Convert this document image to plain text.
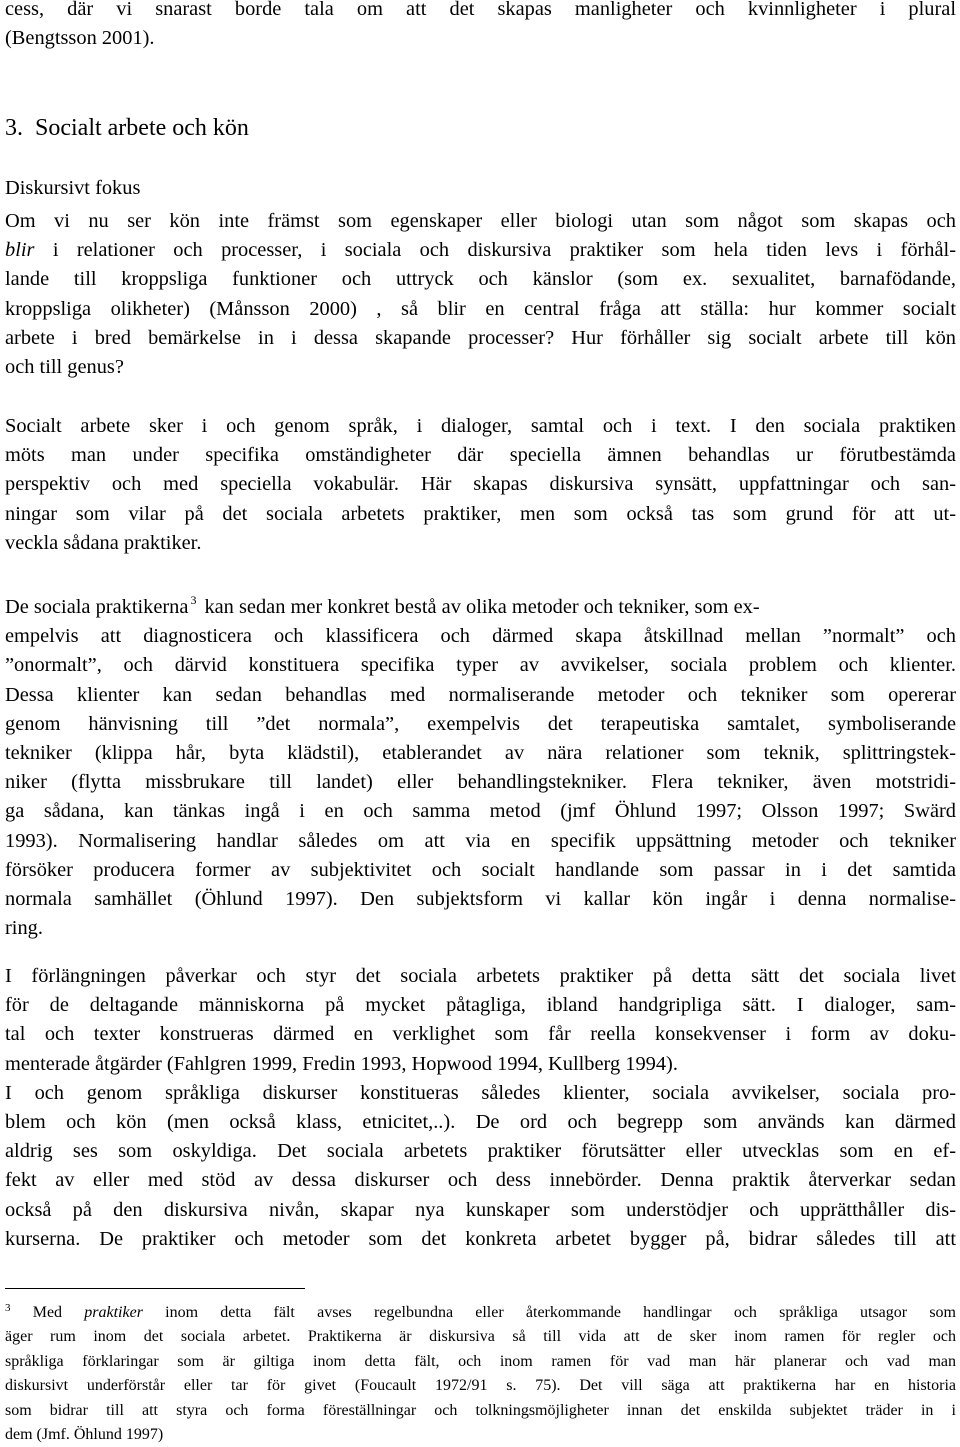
cess, där vi snarast borde tala om att det skapas manligheter och kvinnligheter i plural
(Bengtsson 2001).

3. Socialt arbete och kön
Diskursivt fokus

Om vi nu ser kön inte främst som egenskaper eller biologi utan som något som skapas och
blir i relationer och processer, i sociala och diskursiva praktiker som hela tiden levs i förhål-
lande till kroppsliga funktioner och uttryck och känslor (som ex. sexualitet, barnafödande,
kroppsliga olikheter) (Månsson 2000) , så blir en central fråga att ställa: hur kommer socialt
arbete i bred bemärkelse in i dessa skapande processer? Hur förhåller sig socialt arbete till kön
och till genus?

Socialt arbete sker i och genom språk, i dialoger, samtal och i text. I den sociala praktiken
möts man under specifika omständigheter där speciella ämnen behandlas ur förutbestämda
perspektiv och med speciella vokabulär. Här skapas diskursiva synsätt, uppfattningar och san-
ningar som vilar på det sociala arbetets praktiker, men som också tas som grund för att ut-
veckla sådana praktiker.

De sociala praktikerna $^3$ kan sedan mer konkret bestå av olika metoder och tekniker, som ex-
empelvis att diagnosticera och klassificera och därmed skapa åtskillnad mellan ”normalt” och
”onormalt”, och därvid konstituera specifika typer av avvikelser, sociala problem och klienter.
Dessa klienter kan sedan behandlas med normaliserande metoder och tekniker som opererar
genom hänvisning till ”det normala”, exempelvis det terapeutiska samtalet, symboliserande
tekniker (klippa hår, byta klädstil), etablerandet av nära relationer som teknik, splittringstek-
niker (flytta missbrukare till landet) eller behandlingstekniker. Flera tekniker, även motstridi-
ga sådana, kan tänkas ingå i en och samma metod (jmf Öhlund 1997; Olsson 1997; Swärd
1993). Normalisering handlar således om att via en specifik uppsättning metoder och tekniker
försöker producera former av subjektivitet och socialt handlande som passar in i det samtida
normala samhället (Öhlund 1997). Den subjektsform vi kallar kön ingår i denna normalise-
ring.

I förlängningen påverkar och styr det sociala arbetets praktiker på detta sätt det sociala livet
för de deltagande människorna på mycket påtagliga, ibland handgripliga sätt. I dialoger, sam-
tal och texter konstrueras därmed en verklighet som får reella konsekvenser i form av doku-
menterade åtgärder (Fahlgren 1999, Fredin 1993, Hopwood 1994, Kullberg 1994).
I och genom språkliga diskurser konstitueras således klienter, sociala avvikelser, sociala pro-
blem och kön (men också klass, etnicitet,..). De ord och begrepp som används kan därmed
aldrig ses som oskyldiga. Det sociala arbetets praktiker förutsätter eller utvecklas som en ef-
fekt av eller med stöd av dessa diskurser och dess innebörder. Denna praktik återverkar sedan
också på den diskursiva nivån, skapar nya kunskaper som understödjer och upprätthåller dis-
kurserna. De praktiker och metoder som det konkreta arbetet bygger på, bidrar således till att

$^3$ Med praktiker inom detta fält avses regelbundna eller återkommande handlingar och språkliga utsagor som
äger rum inom det sociala arbetet. Praktikerna är diskursiva så till vida att de sker inom ramen för regler och
språkliga förklaringar som är giltiga inom detta fält, och inom ramen för vad man här planerar och vad man
diskursivt underförstår eller tar för givet (Foucault 1972/91 s. 75). Det vill säga att praktikerna har en historia
som bidrar till att styra och forma föreställningar och tolkningsmöjligheter innan det enskilda subjektet träder in i
dem (Jmf. Öhlund 1997)
